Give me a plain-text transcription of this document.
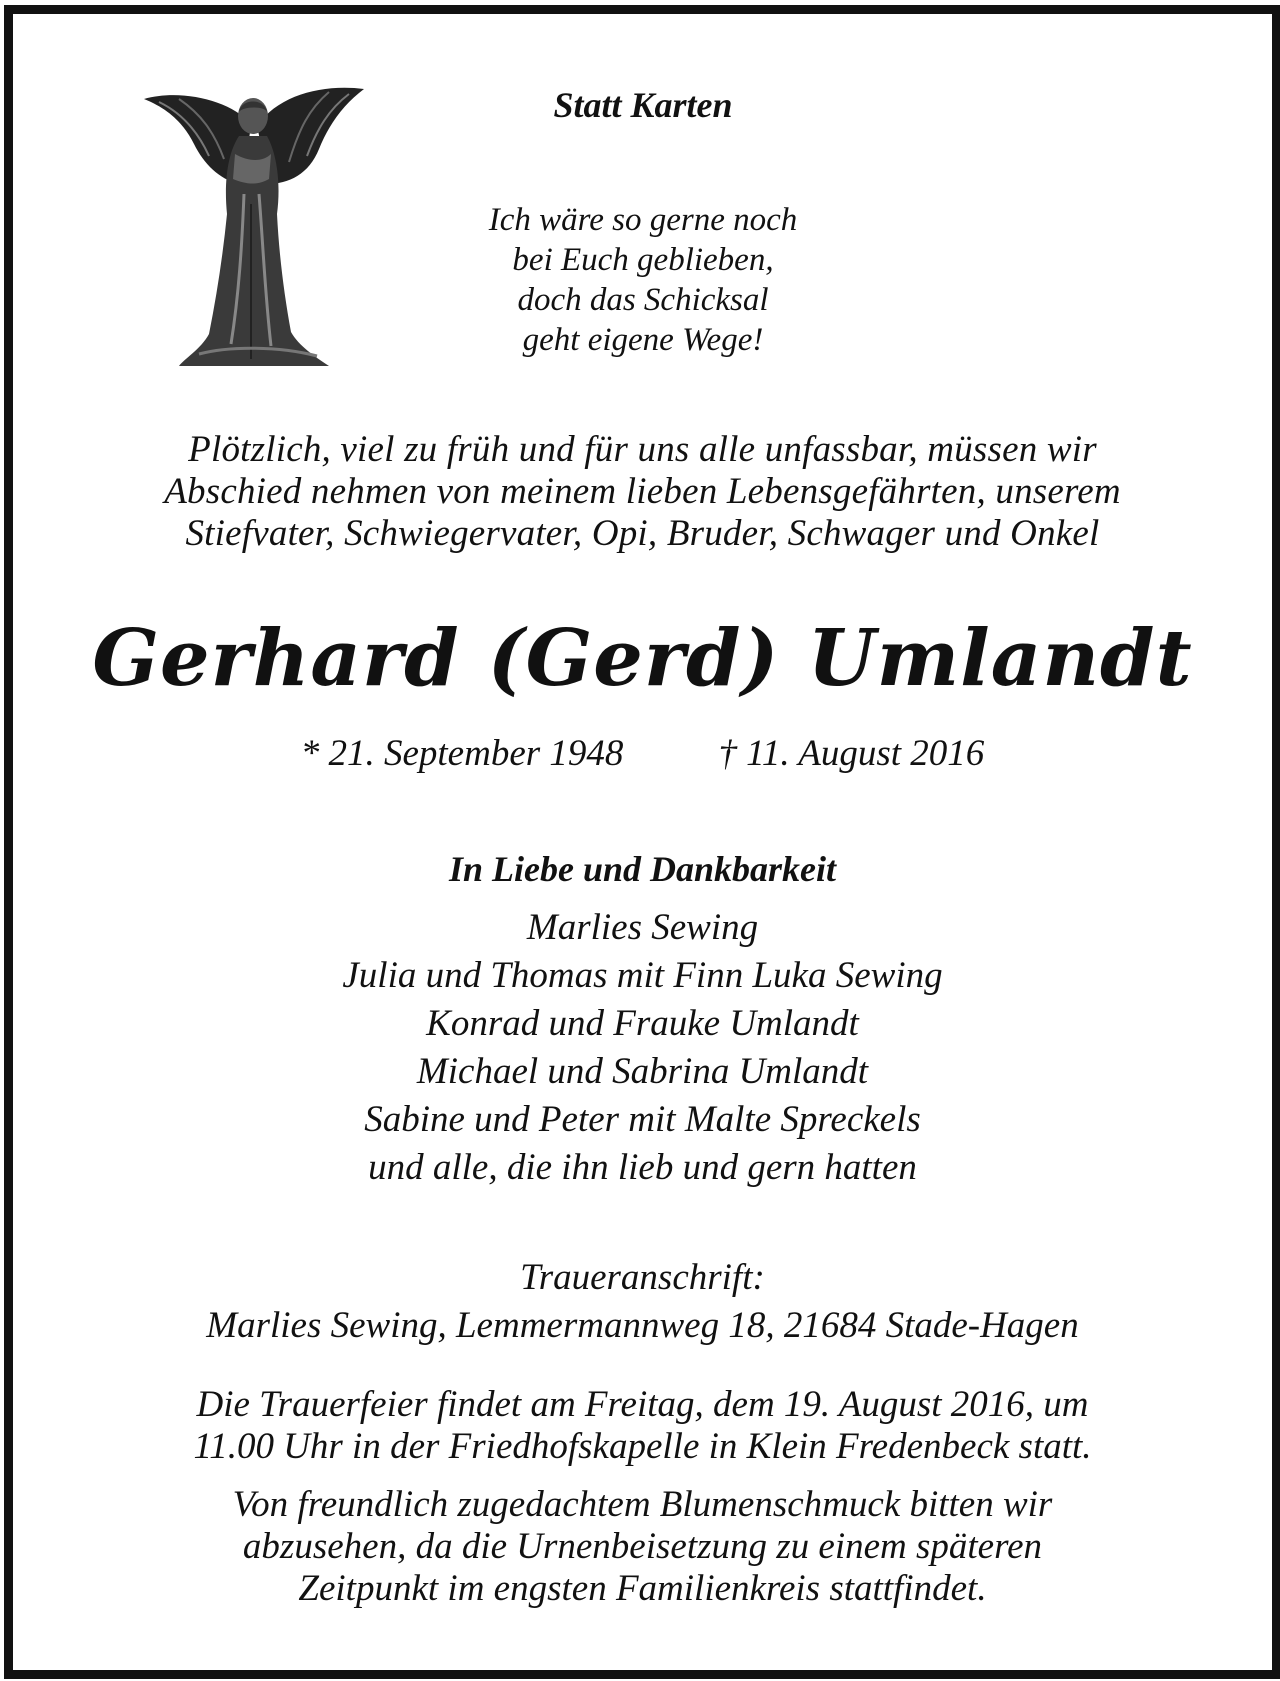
Statt Karten
Ich wäre so gerne noch
bei Euch geblieben,
doch das Schicksal
geht eigene Wege!
Plötzlich, viel zu früh und für uns alle unfassbar, müssen wir
Abschied nehmen von meinem lieben Lebensgefährten, unserem
Stiefvater, Schwiegervater, Opi, Bruder, Schwager und Onkel
Gerhard (Gerd) Umlandt
* 21. September 1948	† 11. August 2016
In Liebe und Dankbarkeit
Marlies Sewing
Julia und Thomas mit Finn Luka Sewing
Konrad und Frauke Umlandt
Michael und Sabrina Umlandt
Sabine und Peter mit Malte Spreckels
und alle, die ihn lieb und gern hatten
Traueranschrift:
Marlies Sewing, Lemmermannweg 18, 21684 Stade-Hagen
Die Trauerfeier findet am Freitag, dem 19. August 2016, um
11.00 Uhr in der Friedhofskapelle in Klein Fredenbeck statt.
Von freundlich zugedachtem Blumenschmuck bitten wir
abzusehen, da die Urnenbeisetzung zu einem späteren
Zeitpunkt im engsten Familienkreis stattfindet.
